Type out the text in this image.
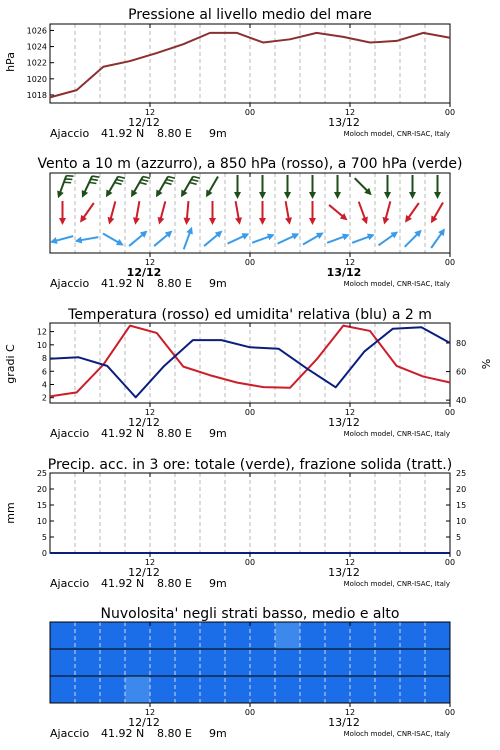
Pressione al livello medio del mare
Vento a 10 m (azzurro), a 850 hPa (rosso), a 700 hPa (verde)
Temperatura (rosso) ed umidita' relativa (blu) a 2 m
Precip. acc. in 3 ore: totale (verde), frazione solida (tratt.)
Nuvolosita' negli strati basso, medio e alto
hPa
gradi C	%
mm
1018
1020
1022
1024
1026
12
12/12
00	12
13/12
00
Ajaccio 41.92 N 8.80 E 9m	Moloch model, CNR-ISAC, Italy
12
12/12
00	12
13/12
00
Ajaccio 41.92 N 8.80 E 9m	Moloch model, CNR-ISAC, Italy
2
4
6
8
10
12
40
60
80
12
12/12
00	12
13/12
00
Ajaccio 41.92 N 8.80 E 9m	Moloch model, CNR-ISAC, Italy
0
5
10
15
20
25
0
5
10
15
20
25
12
12/12
00	12
13/12
00
Ajaccio 41.92 N 8.80 E 9m	Moloch model, CNR-ISAC, Italy
12
12/12
00	12
13/12
00
Ajaccio 41.92 N 8.80 E 9m	Moloch model, CNR-ISAC, Italy
